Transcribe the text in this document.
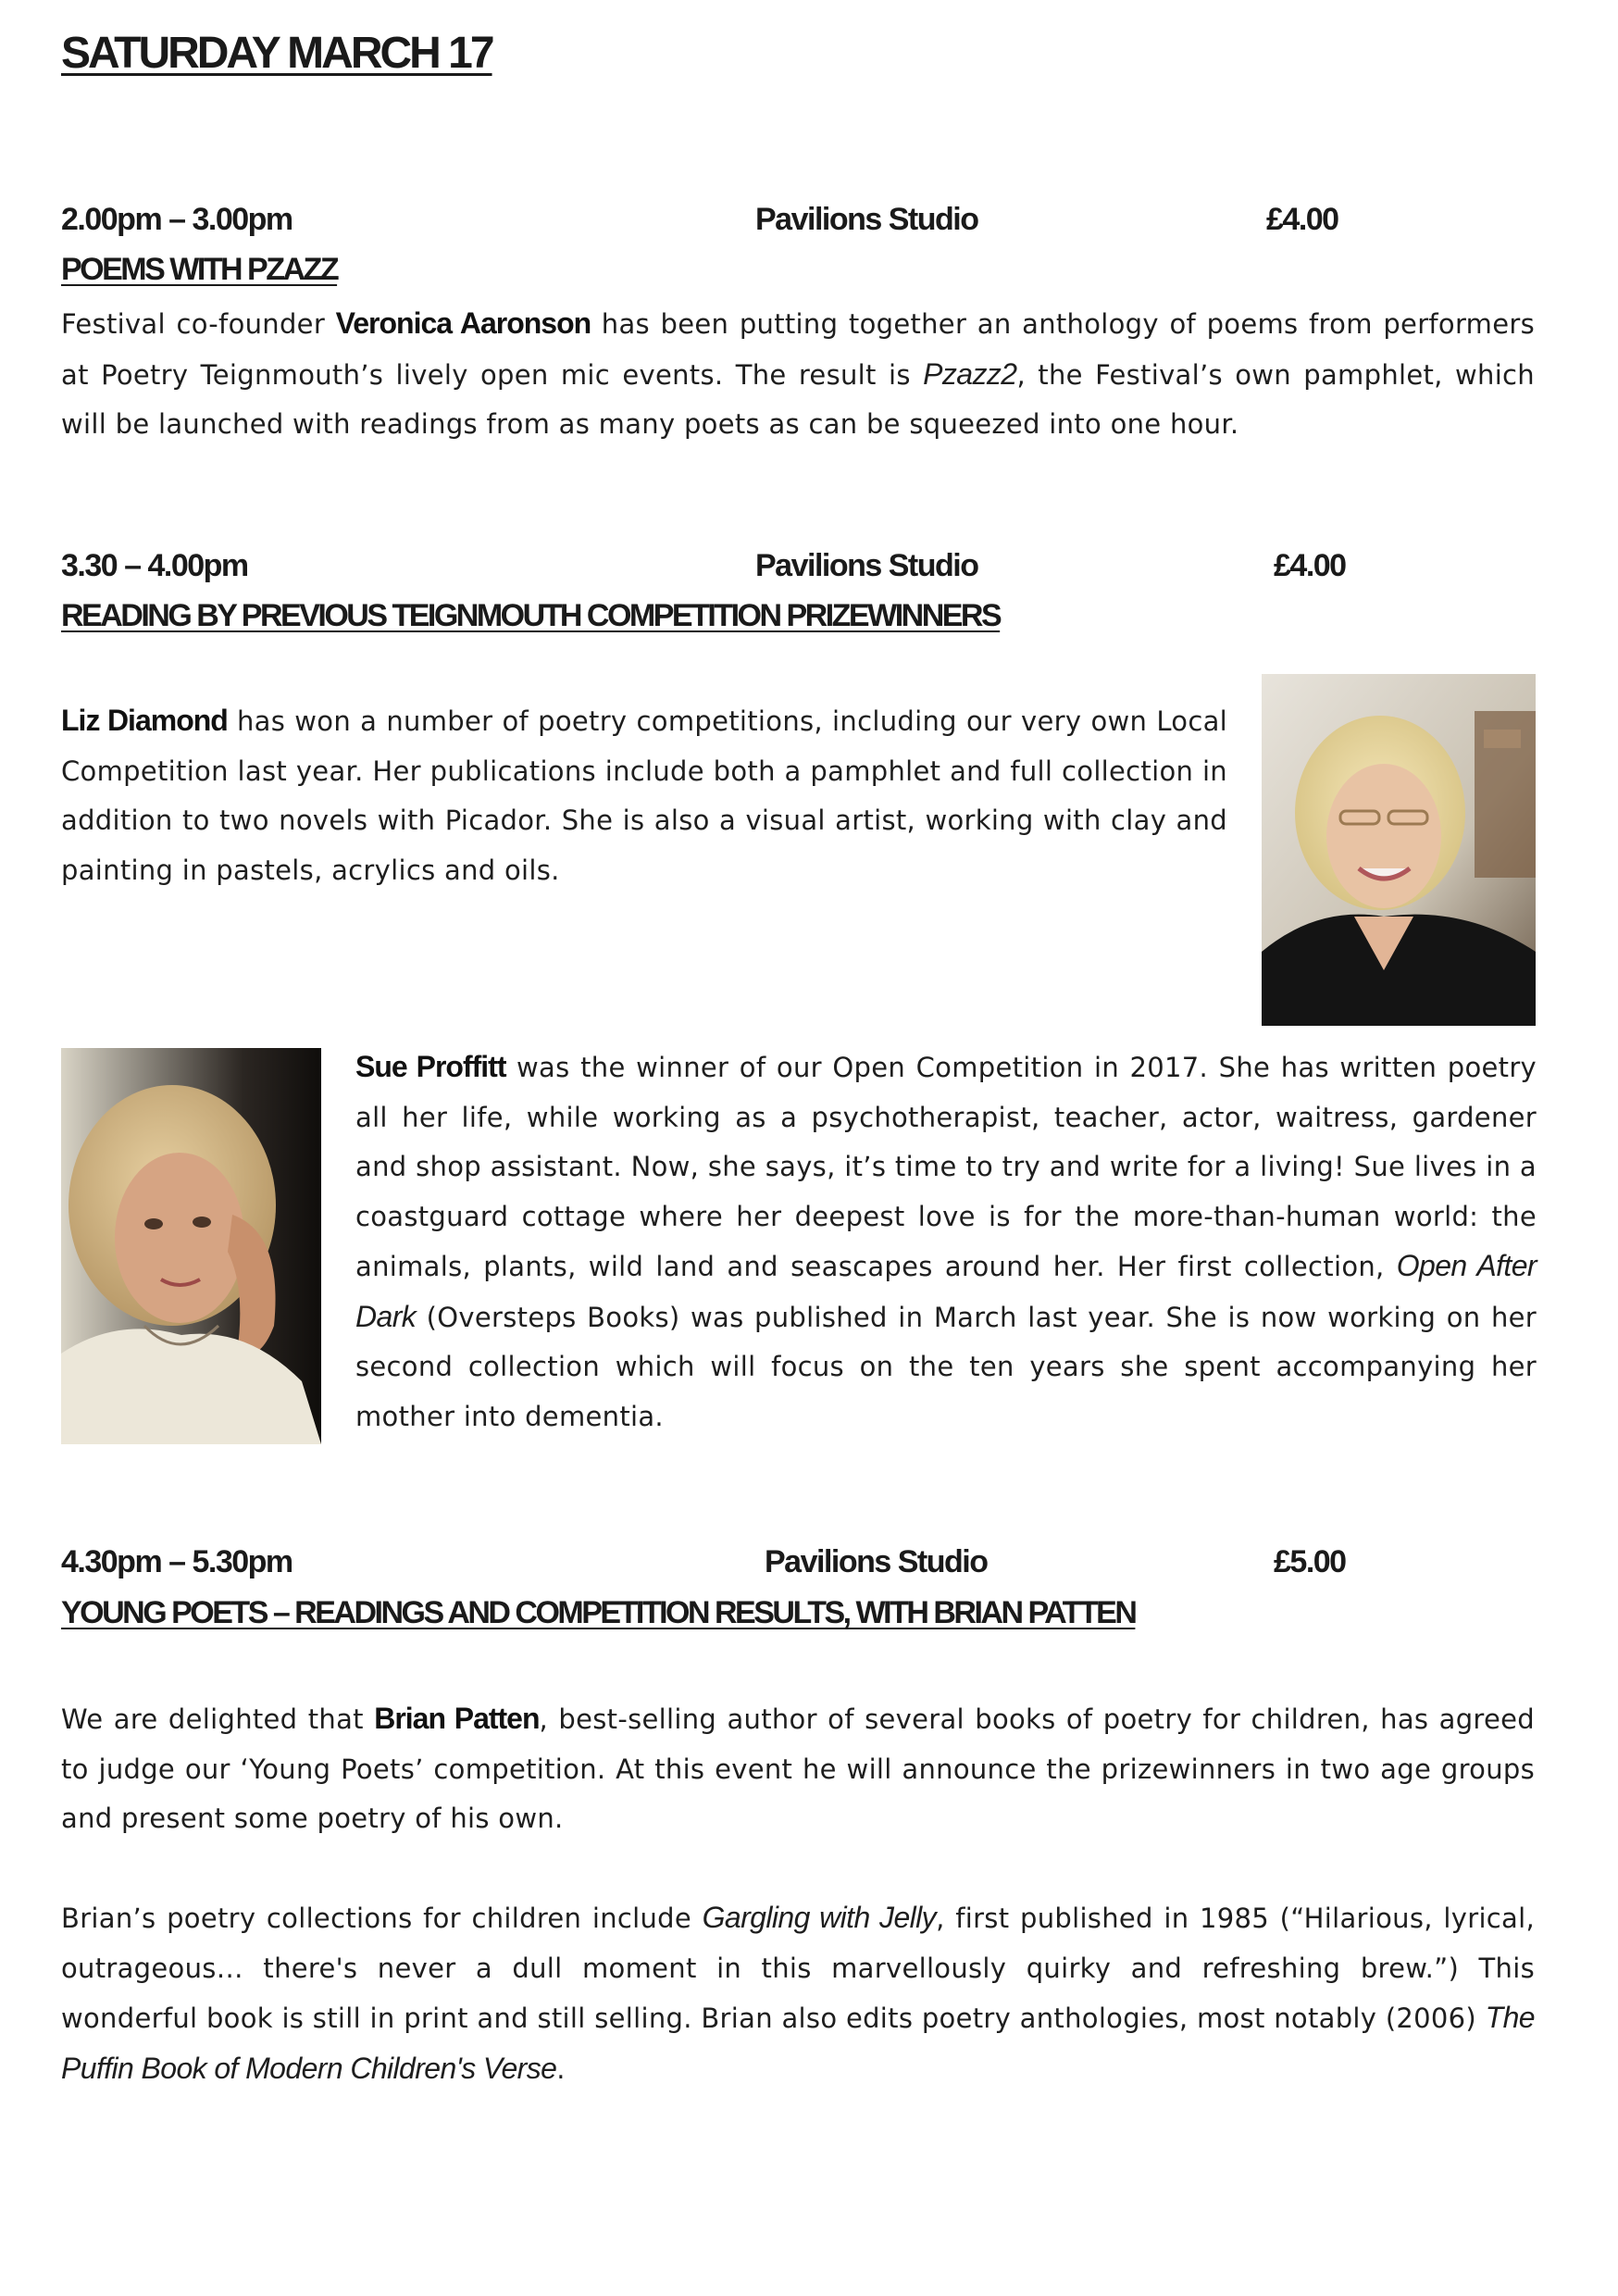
SATURDAY MARCH 17
2.00pm – 3.00pm	Pavilions Studio	£4.00
POEMS WITH PZAZZ

Festival co-founder Veronica Aaronson has been putting together an anthology of poems from performers at Poetry Teignmouth’s lively open mic events. The result is Pzazz2, the Festival’s own pamphlet, which will be launched with readings from as many poets as can be squeezed into one hour.

3.30 – 4.00pm	Pavilions Studio	£4.00
READING BY PREVIOUS TEIGNMOUTH COMPETITION PRIZEWINNERS

Liz Diamond has won a number of poetry competitions, including our very own Local Competition last year. Her publications include both a pamphlet and full collection in addition to two novels with Picador. She is also a visual artist, working with clay and painting in pastels, acrylics and oils.

Sue Proffitt was the winner of our Open Competition in 2017. She has written poetry all her life, while working as a psychotherapist, teacher, actor, waitress, gardener and shop assistant. Now, she says, it’s time to try and write for a living! Sue lives in a coastguard cottage where her deepest love is for the more-than-human world: the animals, plants, wild land and seascapes around her. Her first collection, Open After Dark (Oversteps Books) was published in March last year. She is now working on her second collection which will focus on the ten years she spent accompanying her mother into dementia.

4.30pm – 5.30pm	Pavilions Studio	£5.00
YOUNG POETS – READINGS AND COMPETITION RESULTS, WITH BRIAN PATTEN

We are delighted that Brian Patten, best-selling author of several books of poetry for children, has agreed to judge our ‘Young Poets’ competition. At this event he will announce the prizewinners in two age groups and present some poetry of his own.

Brian’s poetry collections for children include Gargling with Jelly, first published in 1985 (“Hilarious, lyrical, outrageous… there's never a dull moment in this marvellously quirky and refreshing brew.”) This wonderful book is still in print and still selling. Brian also edits poetry anthologies, most notably (2006) The Puffin Book of Modern Children's Verse.
